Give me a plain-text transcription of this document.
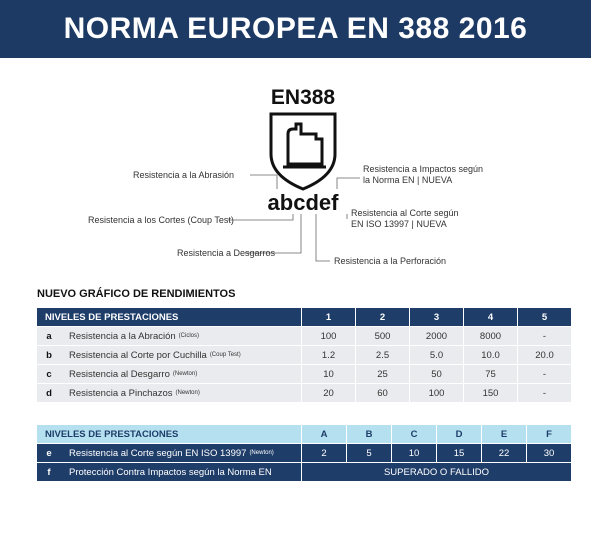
NORMA EUROPEA EN 388 2016
EN388
abcdef
Resistencia a la Abrasión
Resistencia a los Cortes (Coup Test)
Resistencia a Desgarros
Resistencia a Impactos según
la Norma EN | NUEVA
Resistencia al Corte según
EN ISO 13997 | NUEVA
Resistencia a la Perforación
NUEVO GRÁFICO DE RENDIMIENTOS
NIVELES DE PRESTACIONES	1	2	3	4	5

a Resistencia a la Abración (Ciclos)	100	500	2000	8000	-

b Resistencia al Corte por Cuchilla (Coup Test)	1.2	2.5	5.0	10.0	20.0

c Resistencia al Desgarro (Newton)	10	25	50	75	-

d Resistencia a Pinchazos (Newton)	20	60	100	150	-
NIVELES DE PRESTACIONES	A	B	C	D	E	F

e Resistencia al Corte según EN ISO 13997 (Newton)	2	5	10	15	22	30

f Protección Contra Impactos según la Norma EN	SUPERADO O FALLIDO					
